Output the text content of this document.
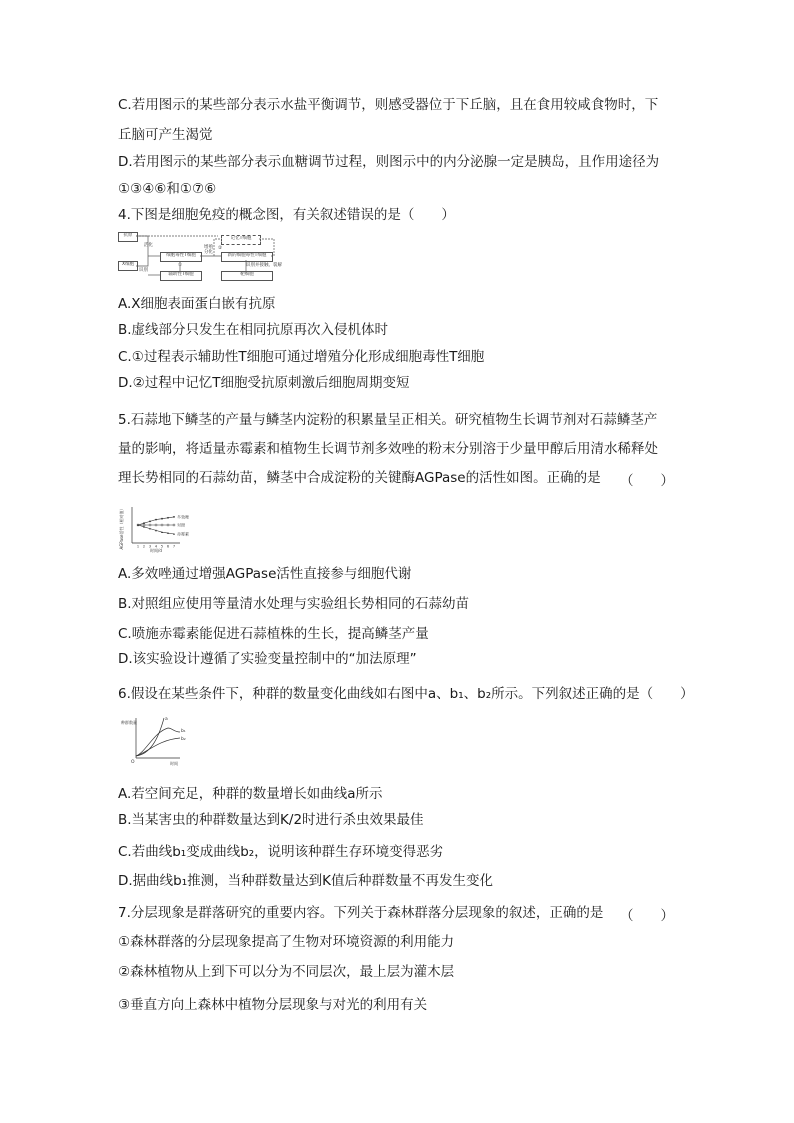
C.若用图示的某些部分表示水盐平衡调节，则感受器位于下丘脑，且在食用较咸食物时，下
丘脑可产生渴觉
D.若用图示的某些部分表示血糖调节过程，则图示中的内分泌腺一定是胰岛，且作用途径为
①③④⑥和①⑦⑥
4.下图是细胞免疫的概念图，有关叙述错误的是（　　）
抗原
X细胞
活化
识别
细胞毒性T细胞
辅助性T细胞
①
增殖分化
记忆T细胞
②
新的细胞毒性T细胞
识别并接触、裂解
靶细胞
A.X细胞表面蛋白嵌有抗原
B.虚线部分只发生在相同抗原再次入侵机体时
C.①过程表示辅助性T细胞可通过增殖分化形成细胞毒性T细胞
D.②过程中记忆T细胞受抗原刺激后细胞周期变短
5.石蒜地下鳞茎的产量与鳞茎内淀粉的积累量呈正相关。研究植物生长调节剂对石蒜鳞茎产
量的影响，将适量赤霉素和植物生长调节剂多效唑的粉末分别溶于少量甲醇后用清水稀释处
理长势相同的石蒜幼苗，鳞茎中合成淀粉的关键酶AGPase的活性如图。正确的是 （　　）
AGPase活性（相对值）	1 2 3 4 5 6 7
多效唑
对照
赤霉素
时间/d
A.多效唑通过增强AGPase活性直接参与细胞代谢
B.对照组应使用等量清水处理与实验组长势相同的石蒜幼苗
C.喷施赤霉素能促进石蒜植株的生长，提高鳞茎产量
D.该实验设计遵循了实验变量控制中的“加法原理”
6.假设在某些条件下，种群的数量变化曲线如右图中a、b₁、b₂所示。下列叙述正确的是（　　）
种群数量
a
b₁
b₂
O	时间
A.若空间充足，种群的数量增长如曲线a所示
B.当某害虫的种群数量达到K/2时进行杀虫效果最佳
C.若曲线b₁变成曲线b₂，说明该种群生存环境变得恶劣
D.据曲线b₁推测，当种群数量达到K值后种群数量不再发生变化
7.分层现象是群落研究的重要内容。下列关于森林群落分层现象的叙述，正确的是 （　　）
①森林群落的分层现象提高了生物对环境资源的利用能力
②森林植物从上到下可以分为不同层次，最上层为灌木层
③垂直方向上森林中植物分层现象与对光的利用有关
